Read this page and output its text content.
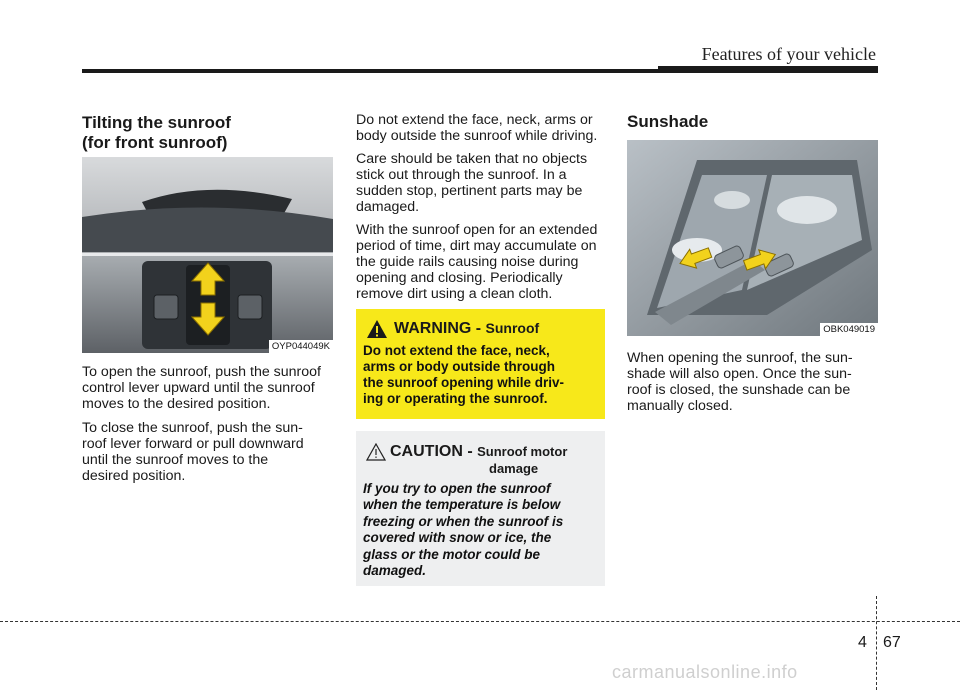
Features of your vehicle
Tilting the sunroof
(for front sunroof)
OYP044049K

To open the sunroof, push the sunroof
control lever upward until the sunroof
moves to the desired position.

To close the sunroof, push the sun-
roof lever forward or pull downward
until the sunroof moves to the
desired position.

Do not extend the face, neck, arms or
body outside the sunroof while driving.

Care should be taken that no objects
stick out through the sunroof. In a
sudden stop, pertinent parts may be
damaged.

With the sunroof open for an extended
period of time, dirt may accumulate on
the guide rails causing noise during
opening and closing. Periodically
remove dirt using a clean cloth.

WARNING - Sunroof
Do not extend the face, neck,
arms or body outside through
the sunroof opening while driv-
ing or operating the sunroof.
CAUTION - Sunroof motor
damage
If you try to open the sunroof
when the temperature is below
freezing or when the sunroof is
covered with snow or ice, the
glass or the motor could be
damaged.
Sunshade
OBK049019

When opening the sunroof, the sun-
shade will also open. Once the sun-
roof is closed, the sunshade can be
manually closed.

4 67
carmanualsonline.info
